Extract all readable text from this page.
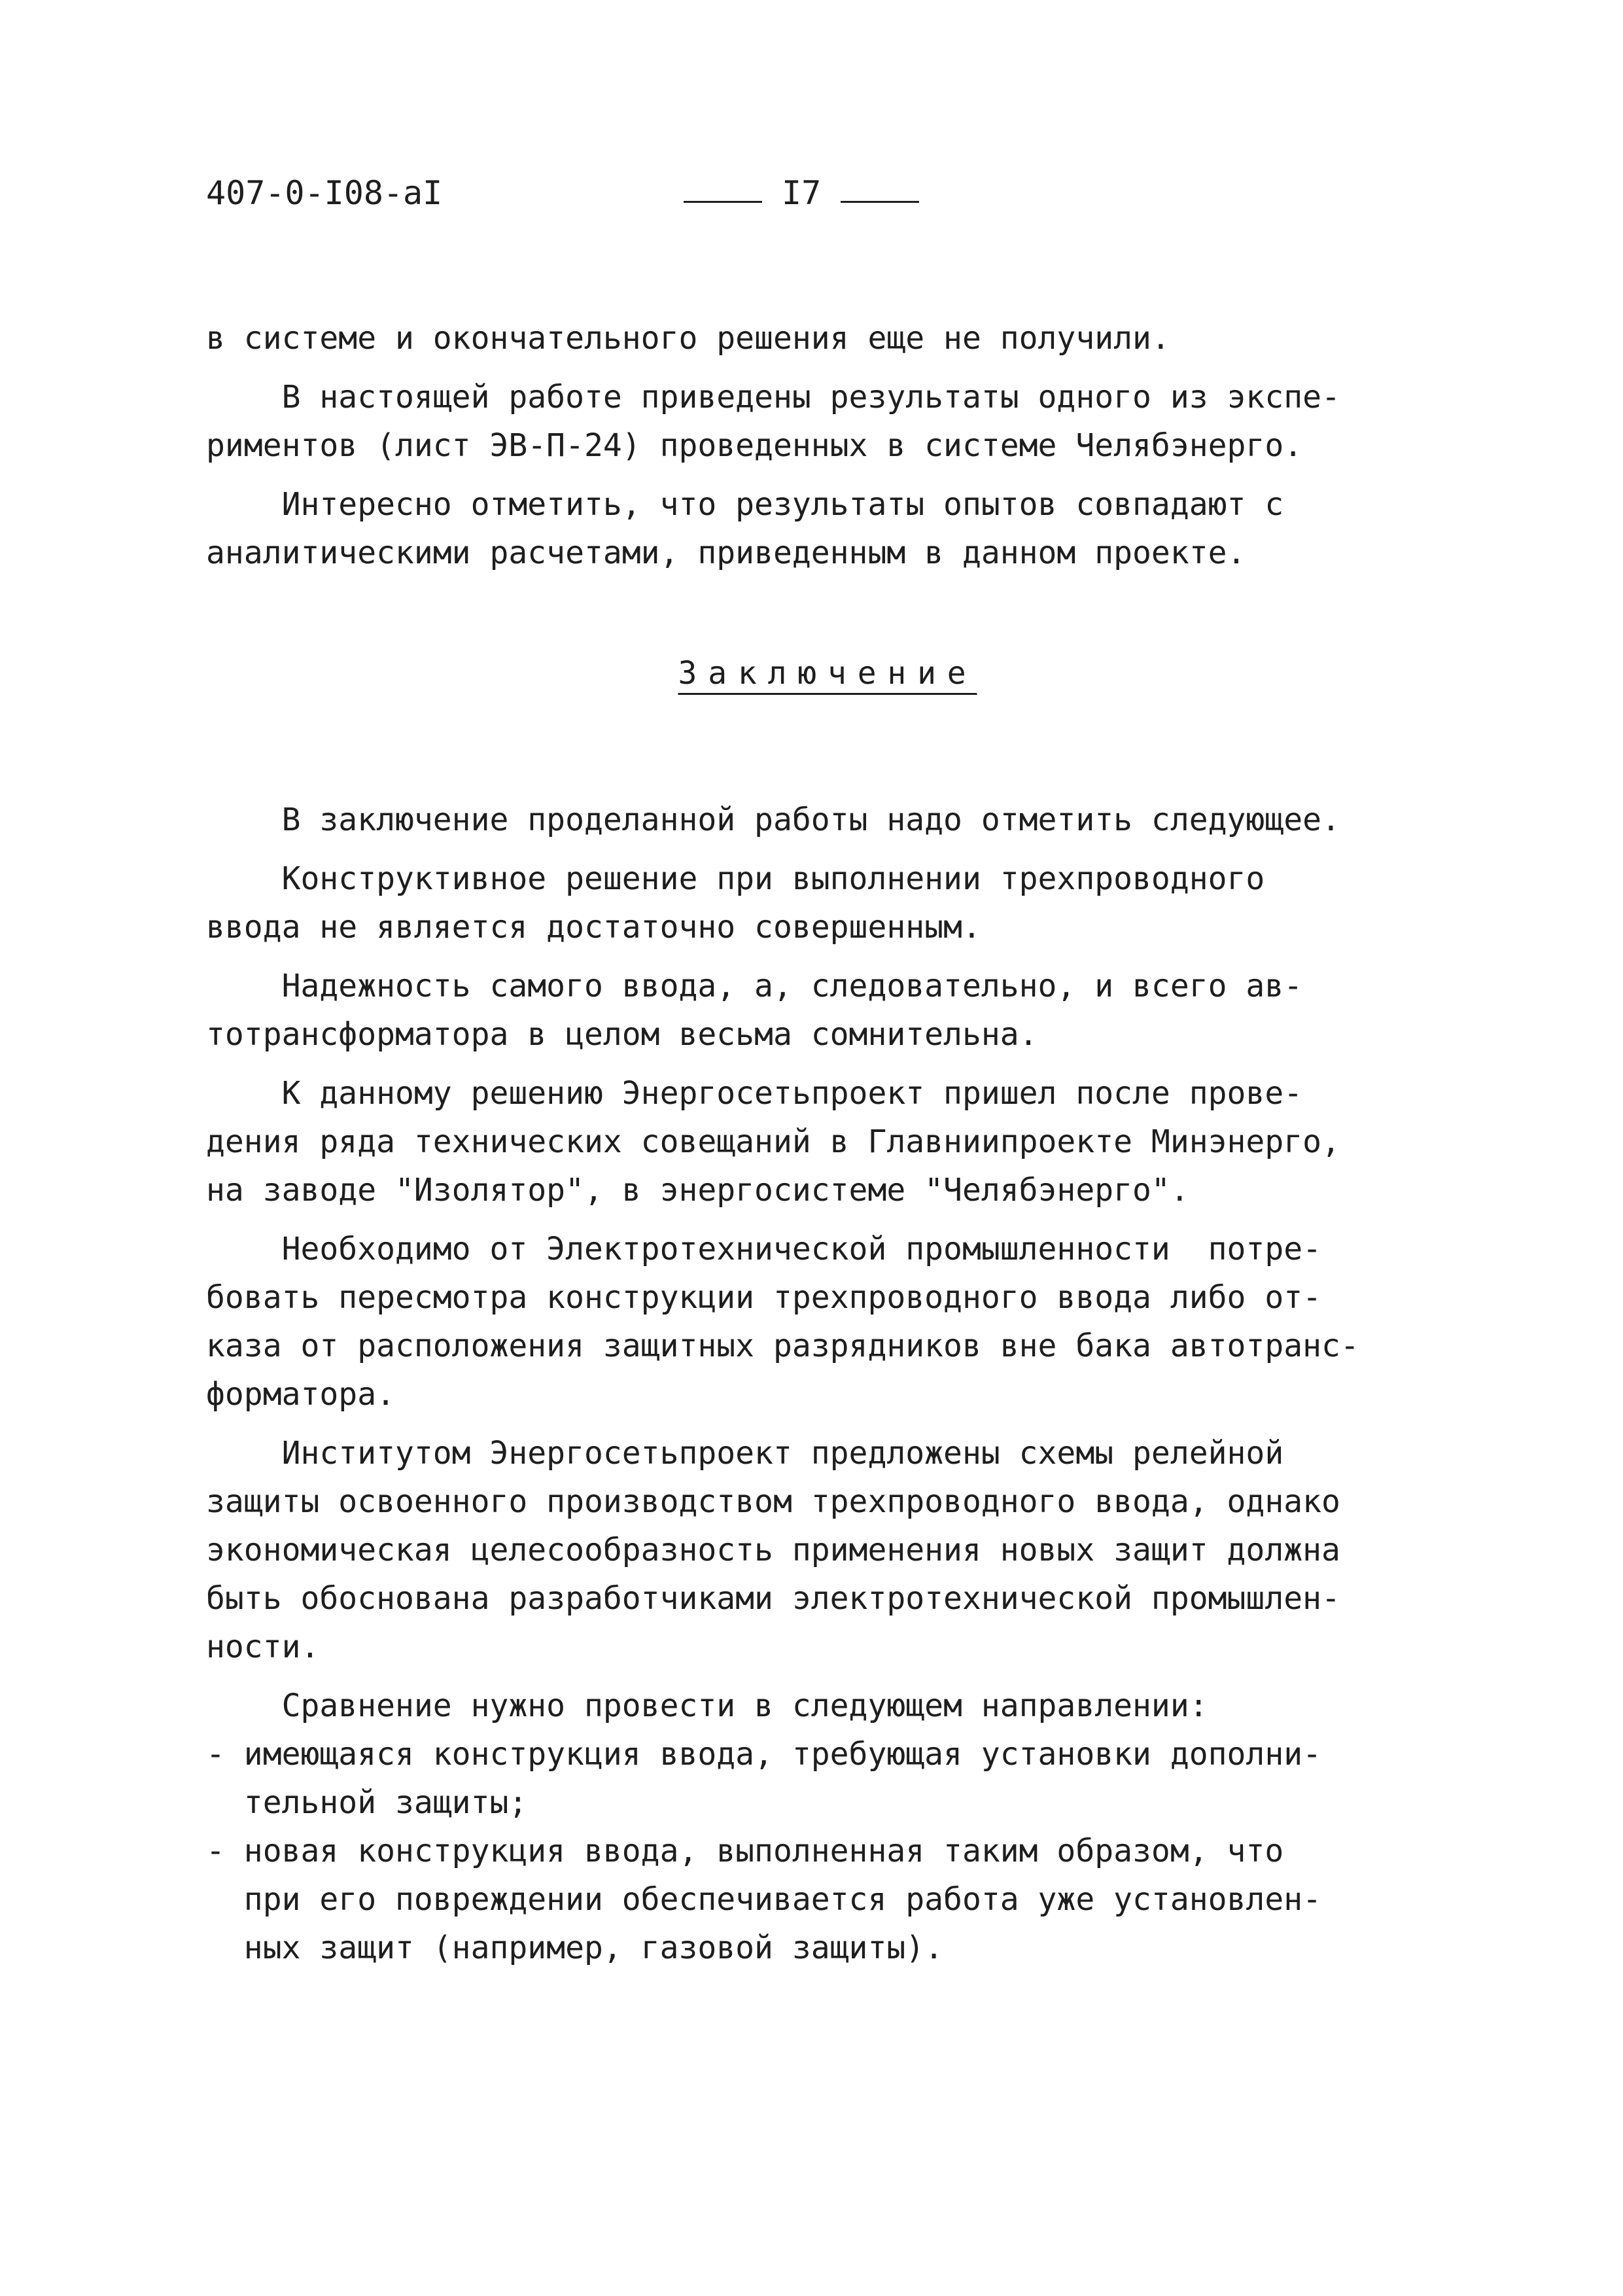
407-0-I08-aI	I7
в системе и окончательного решения еще не получили.
В настоящей работе приведены результаты одного из экспе-
риментов (лист ЭВ-П-24) проведенных в системе Челябэнерго.
Интересно отметить, что результаты опытов совпадают с
аналитическими расчетами, приведенным в данном проекте.
Заключение
В заключение проделанной работы надо отметить следующее.
Конструктивное решение при выполнении трехпроводного
ввода не является достаточно совершенным.
Надежность самого ввода, а, следовательно, и всего ав-
тотрансформатора в целом весьма сомнительна.
К данному решению Энергосетьпроект пришел после прове-
дения ряда технических совещаний в Главниипроекте Минэнерго,
на заводе "Изолятор", в энергосистеме "Челябэнерго".
Необходимо от Электротехнической промышленности  потре-
бовать пересмотра конструкции трехпроводного ввода либо от-
каза от расположения защитных разрядников вне бака автотранс-
форматора.
Институтом Энергосетьпроект предложены схемы релейной
защиты освоенного производством трехпроводного ввода, однако
экономическая целесообразность применения новых защит должна
быть обоснована разработчиками электротехнической промышлен-
ности.
Сравнение нужно провести в следующем направлении:
- имеющаяся конструкция ввода, требующая установки дополни-
тельной защиты;
- новая конструкция ввода, выполненная таким образом, что
при его повреждении обеспечивается работа уже установлен-
ных защит (например, газовой защиты).
